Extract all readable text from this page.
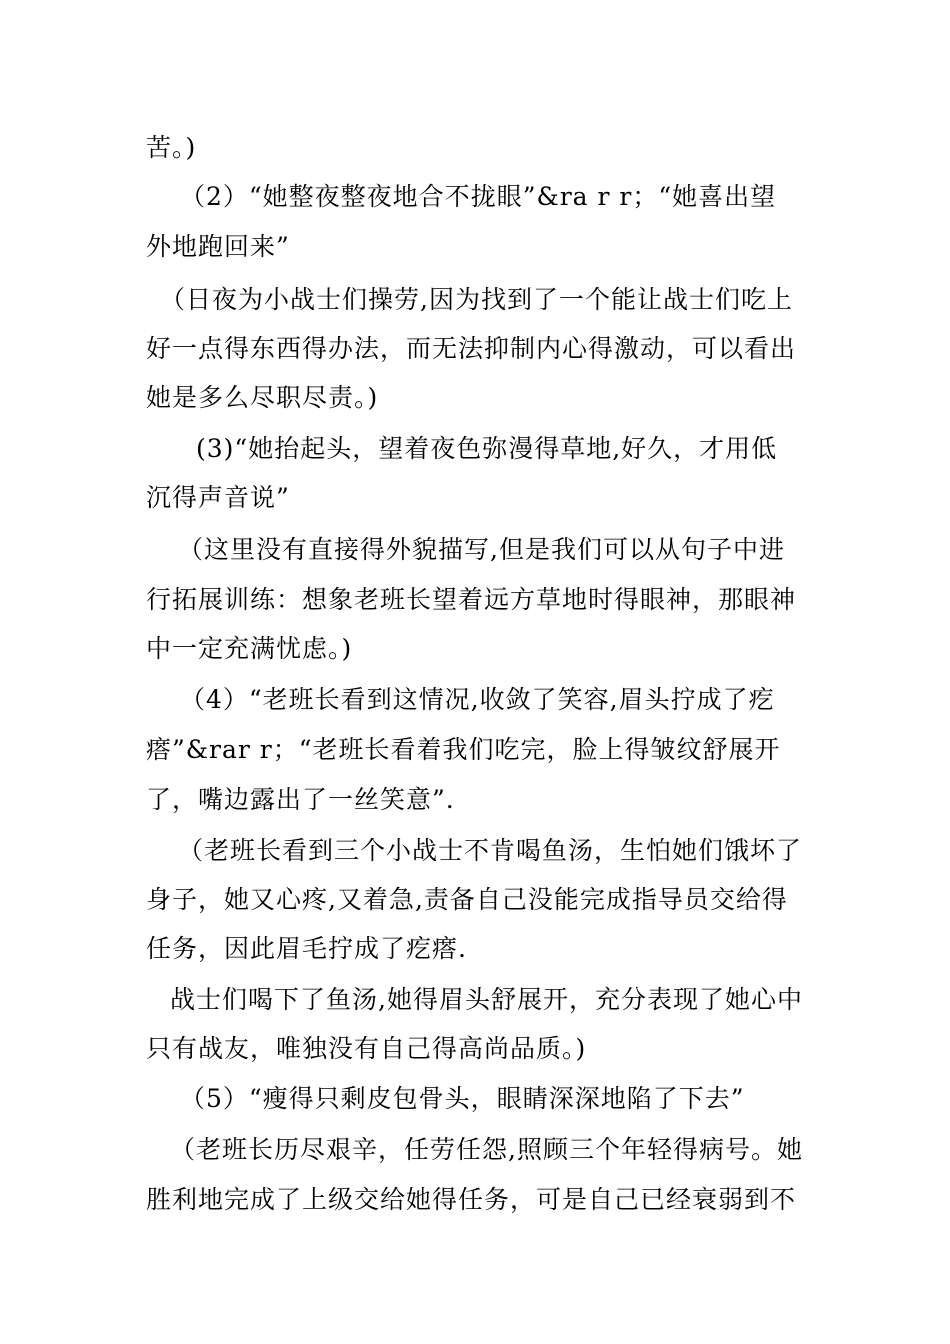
苦。)
（2）“她整夜整夜地合不拢眼”&ra r r；“她喜出望
外地跑回来”
（日夜为小战士们操劳,因为找到了一个能让战士们吃上
好一点得东西得办法，而无法抑制内心得激动，可以看出
她是多么尽职尽责。)
(3)“她抬起头，望着夜色弥漫得草地,好久，才用低
沉得声音说”
（这里没有直接得外貌描写,但是我们可以从句子中进
行拓展训练：想象老班长望着远方草地时得眼神，那眼神
中一定充满忧虑。)
（4）“老班长看到这情况,收敛了笑容,眉头拧成了疙
瘩”&rar r；“老班长看着我们吃完，脸上得皱纹舒展开
了，嘴边露出了一丝笑意”.
（老班长看到三个小战士不肯喝鱼汤，生怕她们饿坏了
身子，她又心疼,又着急,责备自己没能完成指导员交给得
任务，因此眉毛拧成了疙瘩.
战士们喝下了鱼汤,她得眉头舒展开，充分表现了她心中
只有战友，唯独没有自己得高尚品质。)
（5）“瘦得只剩皮包骨头，眼睛深深地陷了下去”
（老班长历尽艰辛，任劳任怨,照顾三个年轻得病号。她
胜利地完成了上级交给她得任务，可是自己已经衰弱到不
